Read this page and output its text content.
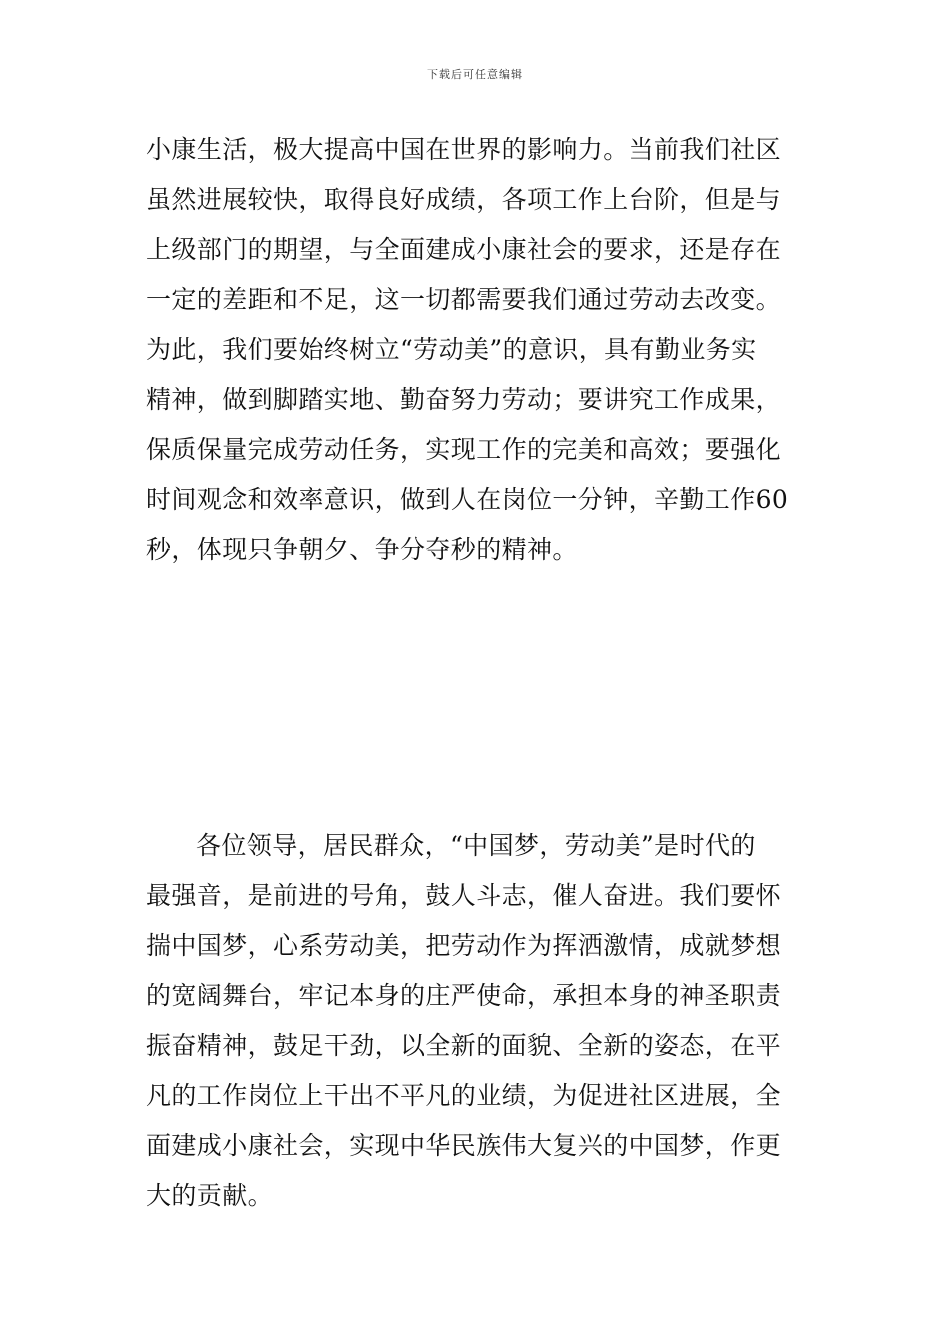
下载后可任意编辑
小康生活，极大提高中国在世界的影响力。当前我们社区
虽然进展较快，取得良好成绩，各项工作上台阶，但是与
上级部门的期望，与全面建成小康社会的要求，还是存在
一定的差距和不足，这一切都需要我们通过劳动去改变。
为此，我们要始终树立“劳动美”的意识，具有勤业务实
精神，做到脚踏实地、勤奋努力劳动；要讲究工作成果，
保质保量完成劳动任务，实现工作的完美和高效；要强化
时间观念和效率意识，做到人在岗位一分钟，辛勤工作60
秒，体现只争朝夕、争分夺秒的精神。
各位领导，居民群众，“中国梦，劳动美”是时代的
最强音，是前进的号角，鼓人斗志，催人奋进。我们要怀
揣中国梦，心系劳动美，把劳动作为挥洒激情，成就梦想
的宽阔舞台，牢记本身的庄严使命，承担本身的神圣职责
振奋精神，鼓足干劲，以全新的面貌、全新的姿态，在平
凡的工作岗位上干出不平凡的业绩，为促进社区进展，全
面建成小康社会，实现中华民族伟大复兴的中国梦，作更
大的贡献。
